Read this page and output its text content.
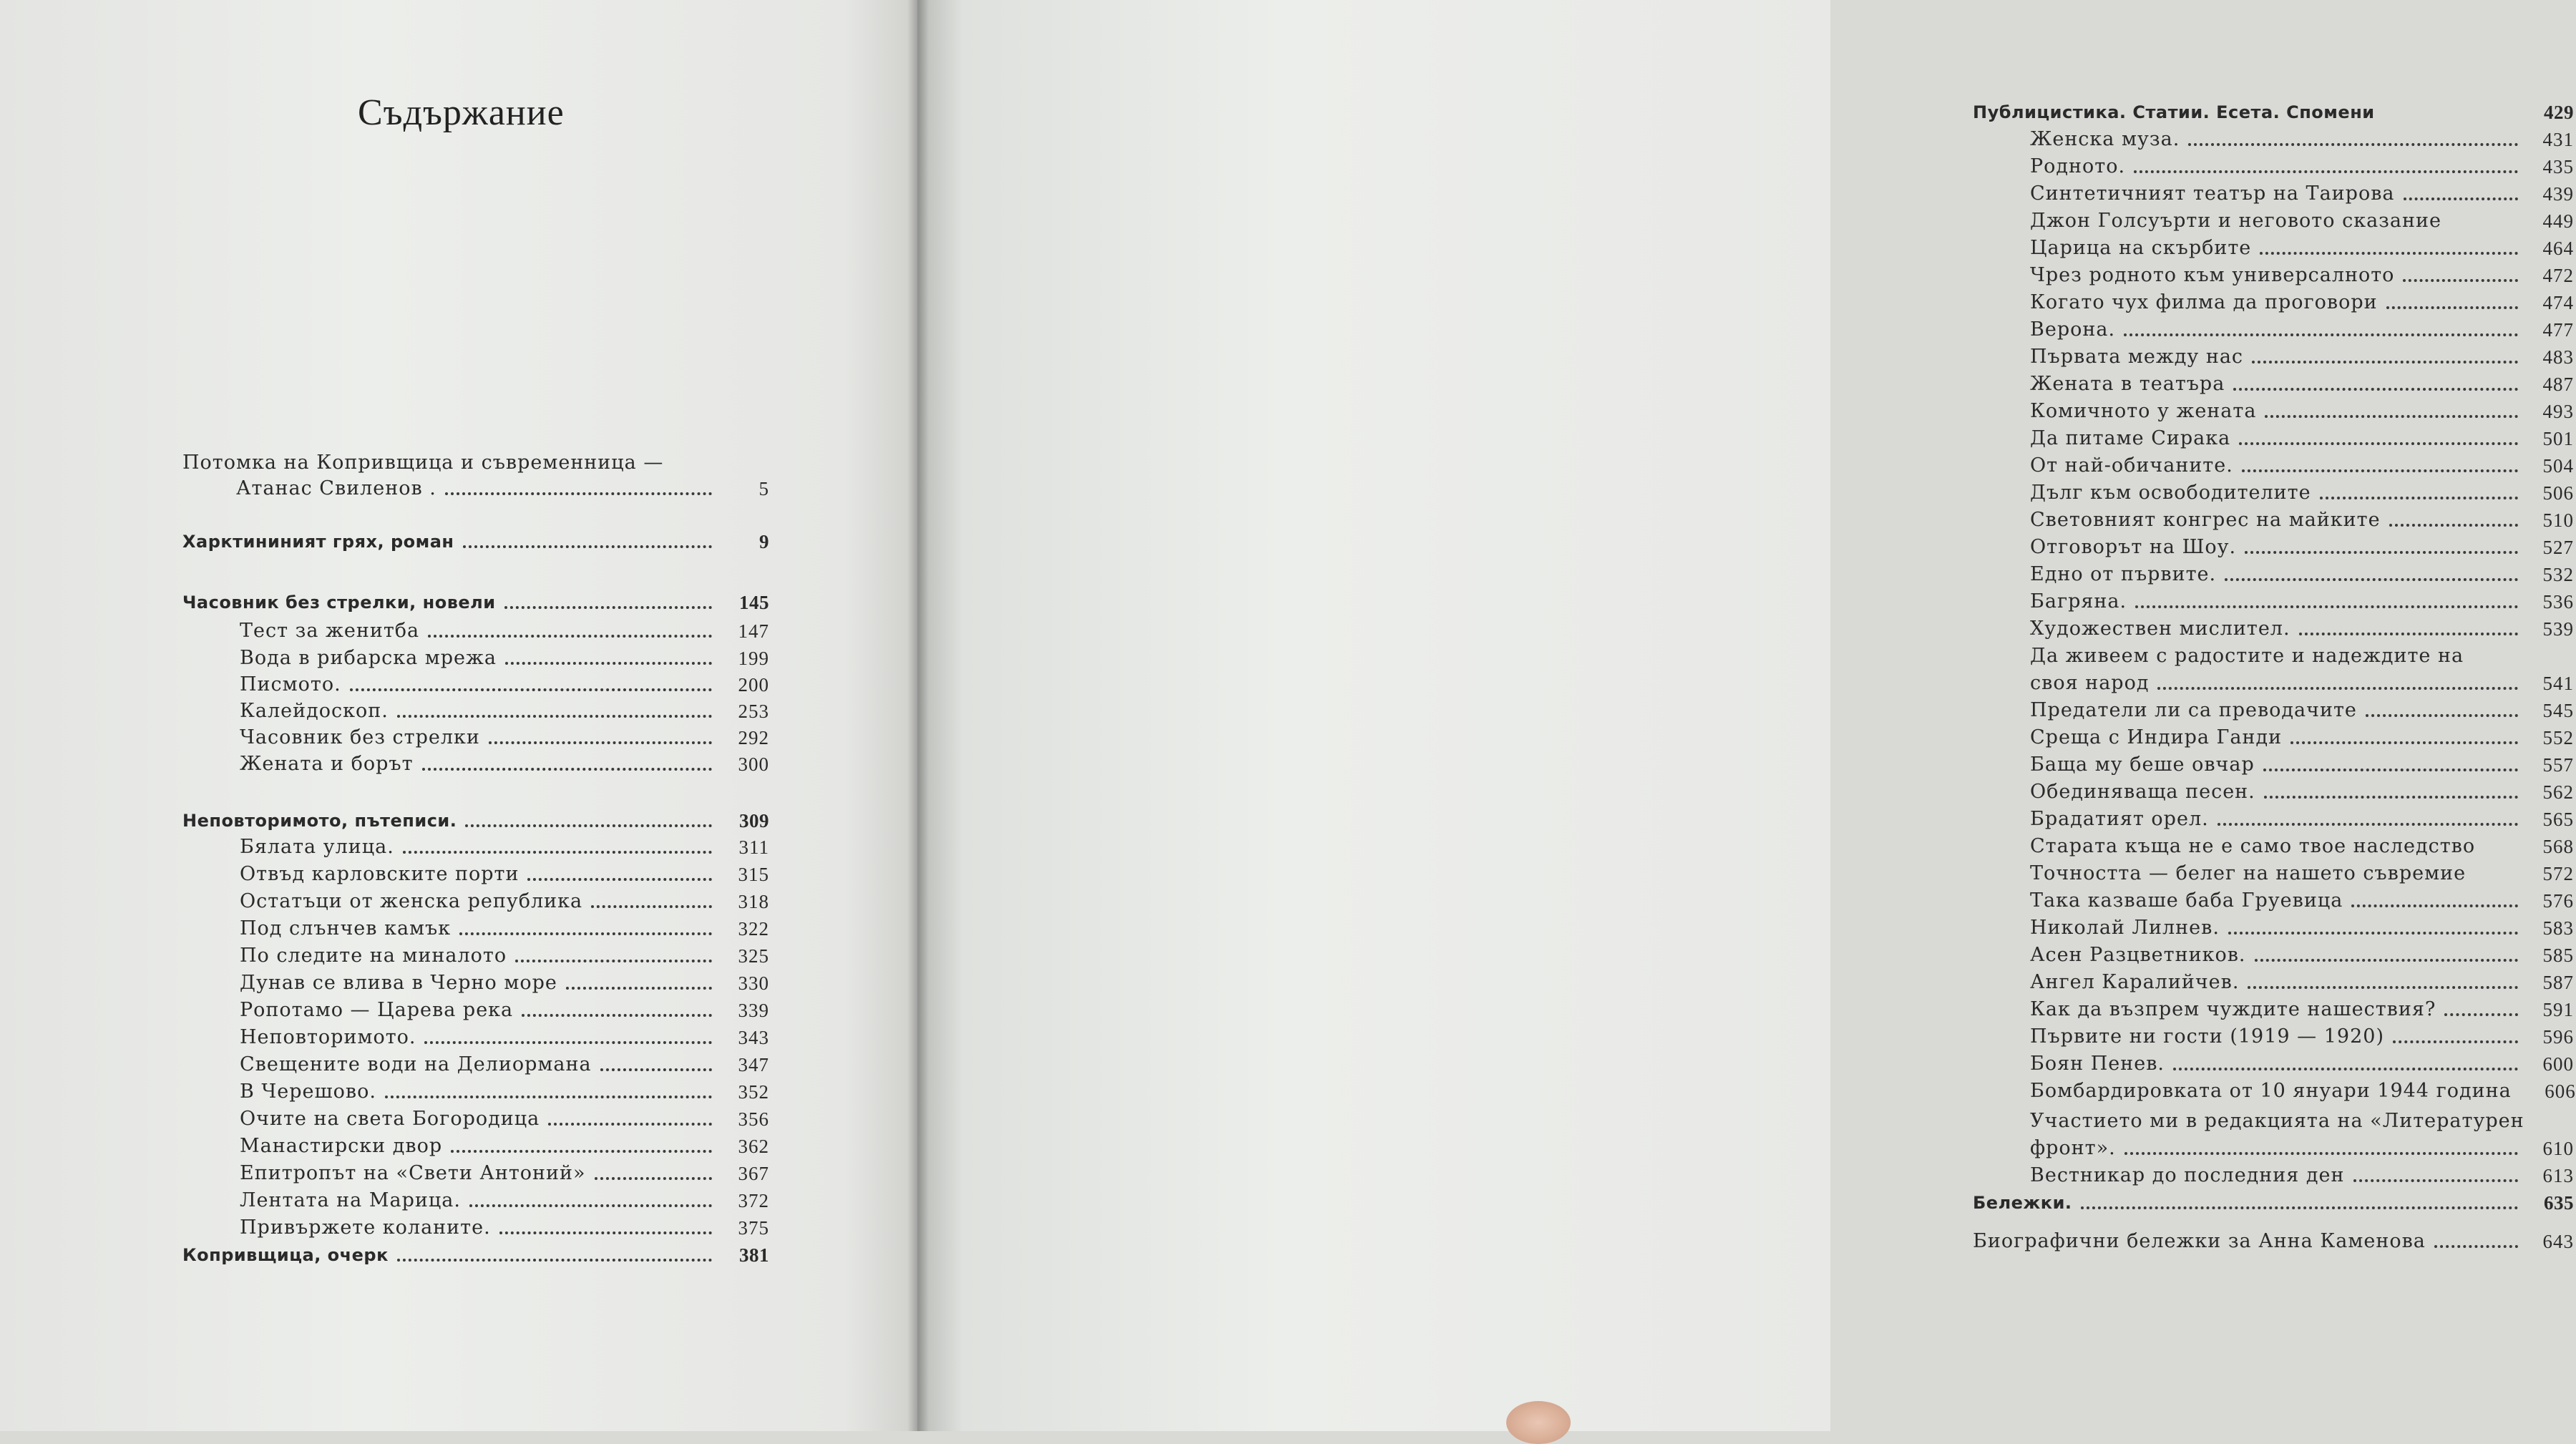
Съдържание
Потомка на Копривщица и съвременница —
Атанас Свиленов .	5
Харктининият грях, роман	9
Часовник без стрелки, новели	145
Тест за женитба	147
Вода в рибарска мрежа	199
Писмото.	200
Калейдоскоп.	253
Часовник без стрелки	292
Жената и борът	300
Неповторимото, пътеписи.	309
Бялата улица.	311
Отвъд карловските порти	315
Остатъци от женска република	318
Под слънчев камък	322
По следите на миналото	325
Дунав се влива в Черно море	330
Ропотамо — Царева река	339
Неповторимото.	343
Свещените води на Делиормана	347
В Черешово.	352
Очите на света Богородица	356
Манастирски двор	362
Епитропът на «Свети Антоний»	367
Лентата на Марица.	372
Привържете коланите.	375
Копривщица, очерк	381
Публицистика. Статии. Есета. Спомени	429
Женска муза.	431
Родното.	435
Синтетичният театър на Таирова	439
Джон Голсуърти и неговото сказание	449
Царица на скърбите	464
Чрез родното към универсалното	472
Когато чух филма да проговори	474
Верона.	477
Първата между нас	483
Жената в театъра	487
Комичното у жената	493
Да питаме Сирака	501
От най-обичаните.	504
Дълг към освободителите	506
Световният конгрес на майките	510
Отговорът на Шоу.	527
Едно от първите.	532
Багряна.	536
Художествен мислител.	539
Да живеем с радостите и надеждите на
своя народ	541
Предатели ли са преводачите	545
Среща с Индира Ганди	552
Баща му беше овчар	557
Обединяваща песен.	562
Брадатият орел.	565
Старата къща не е само твое наследство	568
Точността — белег на нашето съвремие	572
Така казваше баба Груевица	576
Николай Лилнев.	583
Асен Разцветников.	585
Ангел Каралийчев.	587
Как да възпрем чуждите нашествия?	591
Първите ни гости (1919 — 1920)	596
Боян Пенев.	600
Бомбардировката от 10 януари 1944 година	606
Участието ми в редакцията на «Литературен
фронт».	610
Вестникар до последния ден	613
Бележки.	635
Биографични бележки за Анна Каменова	643
